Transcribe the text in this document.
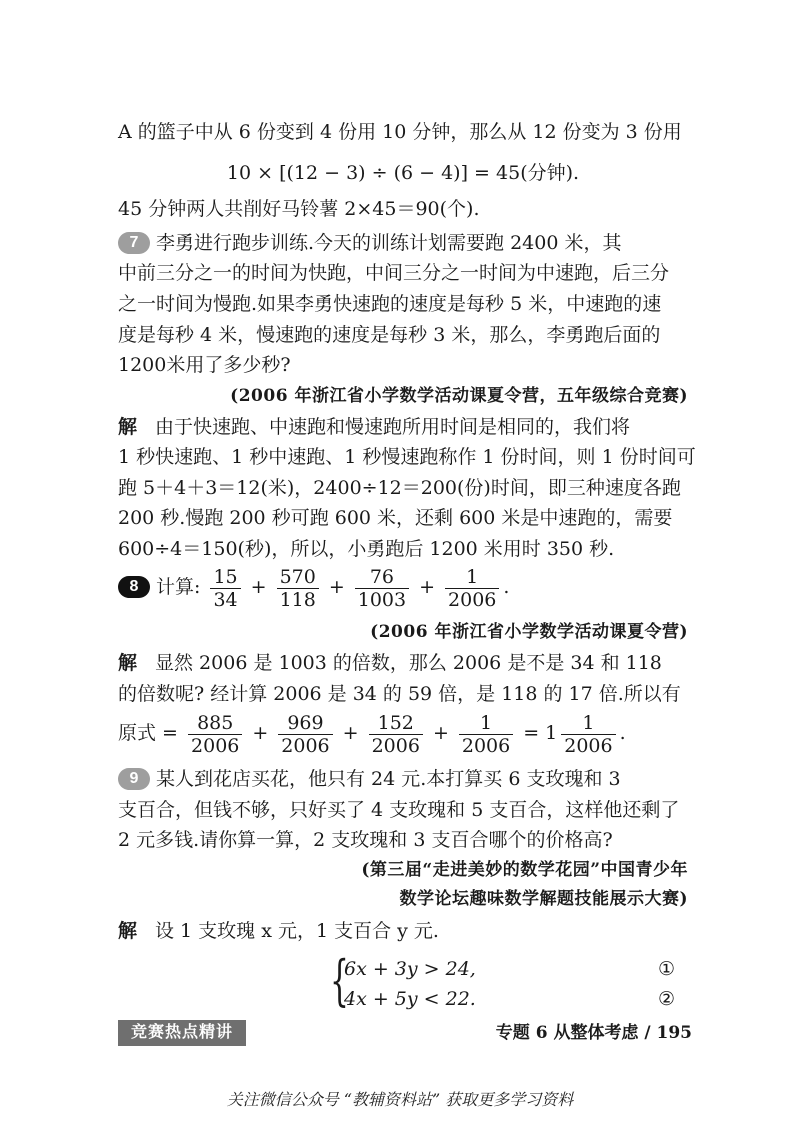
A 的篮子中从 6 份变到 4 份用 10 分钟，那么从 12 份变为 3 份用
10 × [(12 − 3) ÷ (6 − 4)] = 45(分钟).
45 分钟两人共削好马铃薯 2×45＝90(个).
7 李勇进行跑步训练.今天的训练计划需要跑 2400 米，其
中前三分之一的时间为快跑，中间三分之一时间为中速跑，后三分
之一时间为慢跑.如果李勇快速跑的速度是每秒 5 米，中速跑的速
度是每秒 4 米，慢速跑的速度是每秒 3 米，那么，李勇跑后面的
1200米用了多少秒?
(2006 年浙江省小学数学活动课夏令营，五年级综合竞赛)
解 由于快速跑、中速跑和慢速跑所用时间是相同的，我们将
1 秒快速跑、1 秒中速跑、1 秒慢速跑称作 1 份时间，则 1 份时间可
跑 5＋4＋3＝12(米)，2400÷12＝200(份)时间，即三种速度各跑
200 秒.慢跑 200 秒可跑 600 米，还剩 600 米是中速跑的，需要
600÷4＝150(秒)，所以，小勇跑后 1200 米用时 350 秒.
8 计算: $\frac{15}{34} + \frac{570}{118} + \frac{76}{1003} + \frac{1}{2006}$ .
(2006 年浙江省小学数学活动课夏令营)
解 显然 2006 是 1003 的倍数，那么 2006 是不是 34 和 118
的倍数呢? 经计算 2006 是 34 的 59 倍，是 118 的 17 倍.所以有
原式 = $\frac{885}{2006} + \frac{969}{2006} + \frac{152}{2006} + \frac{1}{2006} = 1 \frac{1}{2006}$ .
9 某人到花店买花，他只有 24 元.本打算买 6 支玫瑰和 3
支百合，但钱不够，只好买了 4 支玫瑰和 5 支百合，这样他还剩了
2 元多钱.请你算一算，2 支玫瑰和 3 支百合哪个的价格高?
(第三届“走进美妙的数学花园”中国青少年
数学论坛趣味数学解题技能展示大赛)
解 设 1 支玫瑰 x 元，1 支百合 y 元.
{
6x + 3y > 24,	①
4x + 5y < 22.	②
竞赛热点精讲	专题 6 从整体考虑 / 195
关注微信公众号 “教辅资料站” 获取更多学习资料
